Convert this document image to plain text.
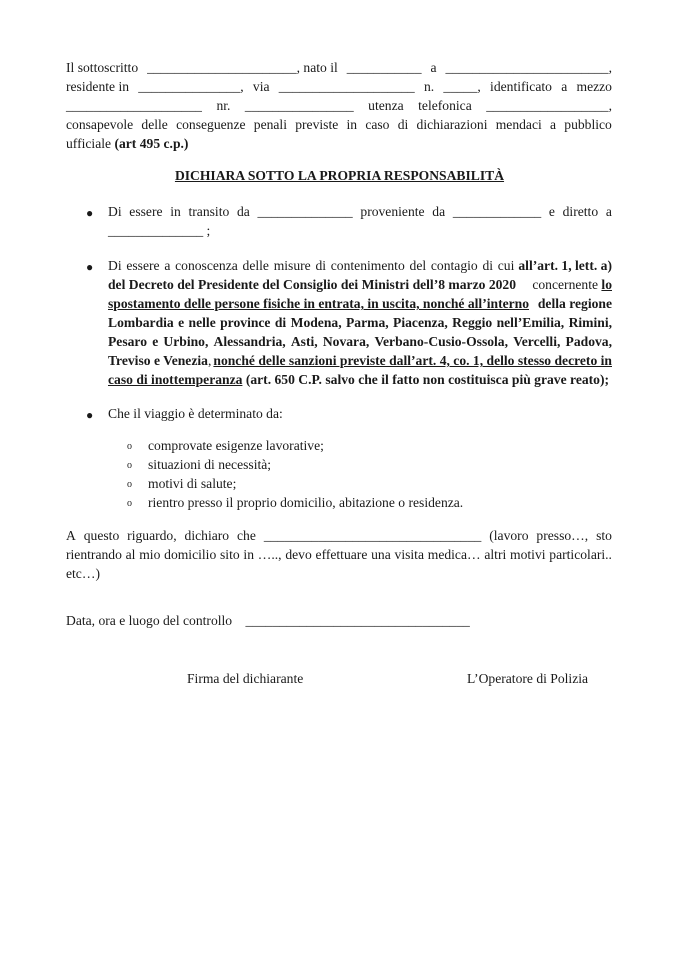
Il sottoscritto ______________________, nato il ___________ a ________________________,
residente in _______________, via ____________________ n. _____, identificato a mezzo
____________________ nr. ________________ utenza telefonica __________________,
consapevole delle conseguenze penali previste in caso di dichiarazioni mendaci a pubblico
ufficiale (art 495 c.p.)
DICHIARA SOTTO LA PROPRIA RESPONSABILITÀ
● Di essere in transito da ______________ proveniente da _____________ e diretto a
______________ ;
● Di essere a conoscenza delle misure di contenimento del contagio di cui all’art. 1, lett. a)
del Decreto del Presidente del Consiglio dei Ministri dell’8 marzo 2020 concernente lo
spostamento delle persone fisiche in entrata, in uscita, nonché all’interno della regione
Lombardia e nelle province di Modena, Parma, Piacenza, Reggio nell’Emilia, Rimini,
Pesaro e Urbino, Alessandria, Asti, Novara, Verbano-Cusio-Ossola, Vercelli, Padova,
Treviso e Venezia, nonché delle sanzioni previste dall’art. 4, co. 1, dello stesso decreto in
caso di inottemperanza (art. 650 C.P. salvo che il fatto non costituisca più grave reato);
● Che il viaggio è determinato da:
o comprovate esigenze lavorative;
o situazioni di necessità;
o motivi di salute;
o rientro presso il proprio domicilio, abitazione o residenza.
A questo riguardo, dichiaro che ________________________________ (lavoro presso…, sto
rientrando al mio domicilio sito in ….., devo effettuare una visita medica… altri motivi particolari..
etc…)
Data, ora e luogo del controllo _________________________________
Firma del dichiarante	L’Operatore di Polizia
